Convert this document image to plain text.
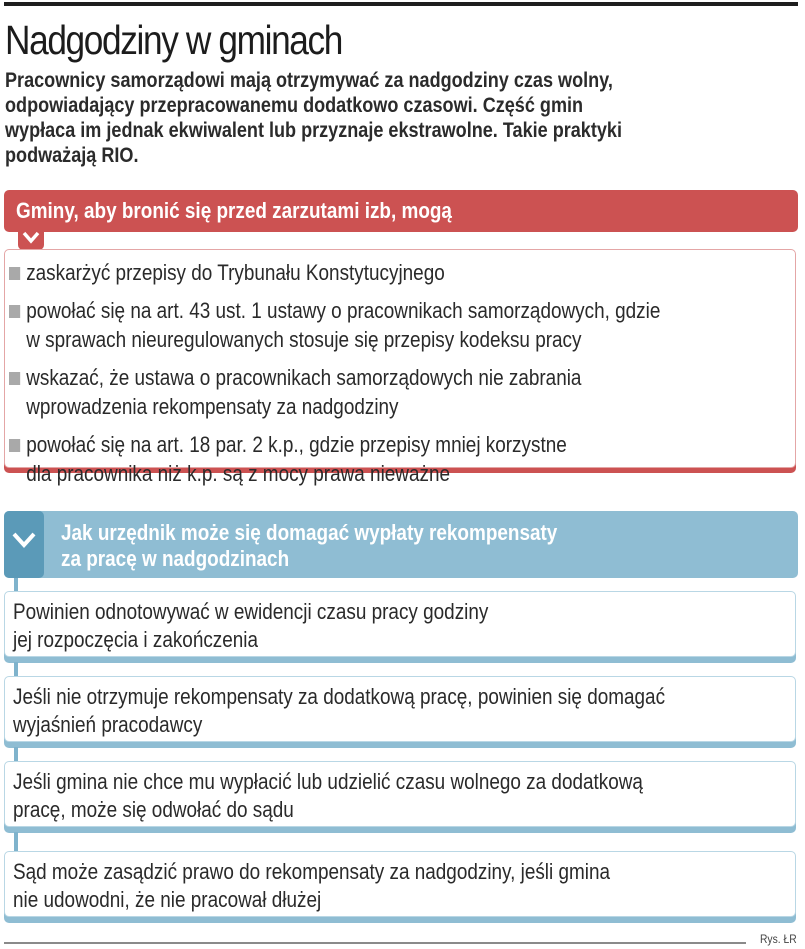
Nadgodziny w gminach
Pracownicy samorządowi mają otrzymywać za nadgodziny czas wolny,
odpowiadający przepracowanemu dodatkowo czasowi. Część gmin
wypłaca im jednak ekwiwalent lub przyznaje ekstrawolne. Takie praktyki
podważają RIO.
Gminy, aby bronić się przed zarzutami izb, mogą
zaskarżyć przepisy do Trybunału Konstytucyjnego
powołać się na art. 43 ust. 1 ustawy o pracownikach samorządowych, gdzie
w sprawach nieuregulowanych stosuje się przepisy kodeksu pracy
wskazać, że ustawa o pracownikach samorządowych nie zabrania
wprowadzenia rekompensaty za nadgodziny
powołać się na art. 18 par. 2 k.p., gdzie przepisy mniej korzystne
dla pracownika niż k.p. są z mocy prawa nieważne
Jak urzędnik może się domagać wypłaty rekompensaty
za pracę w nadgodzinach
Powinien odnotowywać w ewidencji czasu pracy godziny
jej rozpoczęcia i zakończenia
Jeśli nie otrzymuje rekompensaty za dodatkową pracę, powinien się domagać
wyjaśnień pracodawcy
Jeśli gmina nie chce mu wypłacić lub udzielić czasu wolnego za dodatkową
pracę, może się odwołać do sądu
Sąd może zasądzić prawo do rekompensaty za nadgodziny, jeśli gmina
nie udowodni, że nie pracował dłużej
Rys. ŁR
